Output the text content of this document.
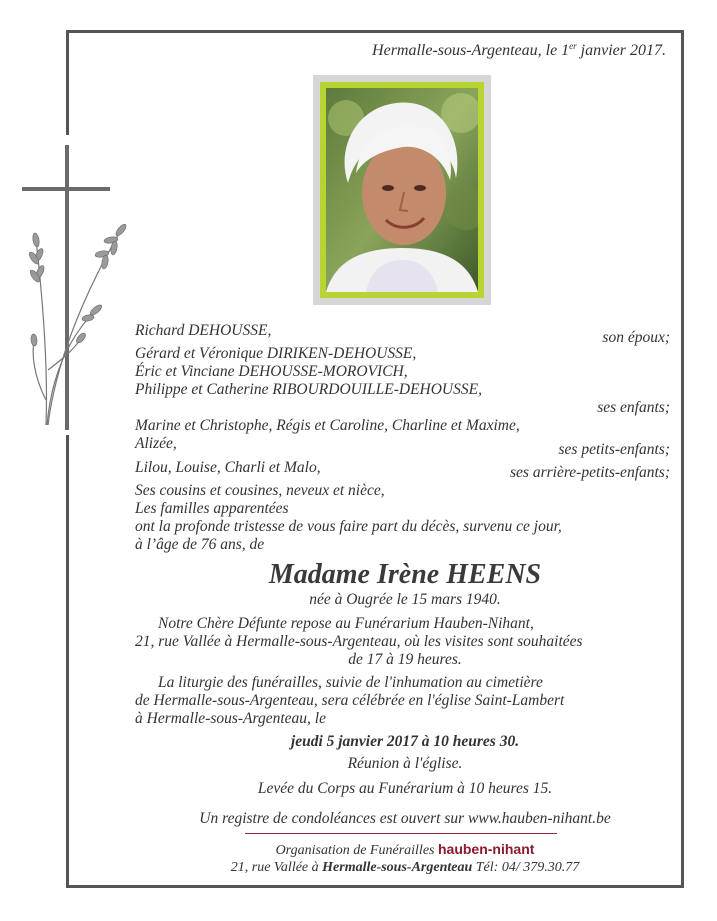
Hermalle-sous-Argenteau, le 1er janvier 2017.
Richard DEHOUSSE,	son époux;
Gérard et Véronique DIRIKEN-DEHOUSSE,
Éric et Vinciane DEHOUSSE-MOROVICH,
Philippe et Catherine RIBOURDOUILLE-DEHOUSSE,
ses enfants;
Marine et Christophe, Régis et Caroline, Charline et Maxime,
Alizée,	ses petits-enfants;
Lilou, Louise, Charli et Malo,	ses arrière-petits-enfants;
Ses cousins et cousines, neveux et nièce,
Les familles apparentées
ont la profonde tristesse de vous faire part du décès, survenu ce jour,
à l’âge de 76 ans, de
Madame Irène HEENS
née à Ougrée le 15 mars 1940.
Notre Chère Défunte repose au Funérarium Hauben-Nihant,
21, rue Vallée à Hermalle-sous-Argenteau, où les visites sont souhaitées
de 17 à 19 heures.
La liturgie des funérailles, suivie de l'inhumation au cimetière
de Hermalle-sous-Argenteau, sera célébrée en l'église Saint-Lambert
à Hermalle-sous-Argenteau, le
jeudi 5 janvier 2017 à 10 heures 30.
Réunion à l'église.
Levée du Corps au Funérarium à 10 heures 15.
Un registre de condoléances est ouvert sur www.hauben-nihant.be
Organisation de Funérailles hauben-nihant
21, rue Vallée à Hermalle-sous-Argenteau Tél: 04/ 379.30.77
